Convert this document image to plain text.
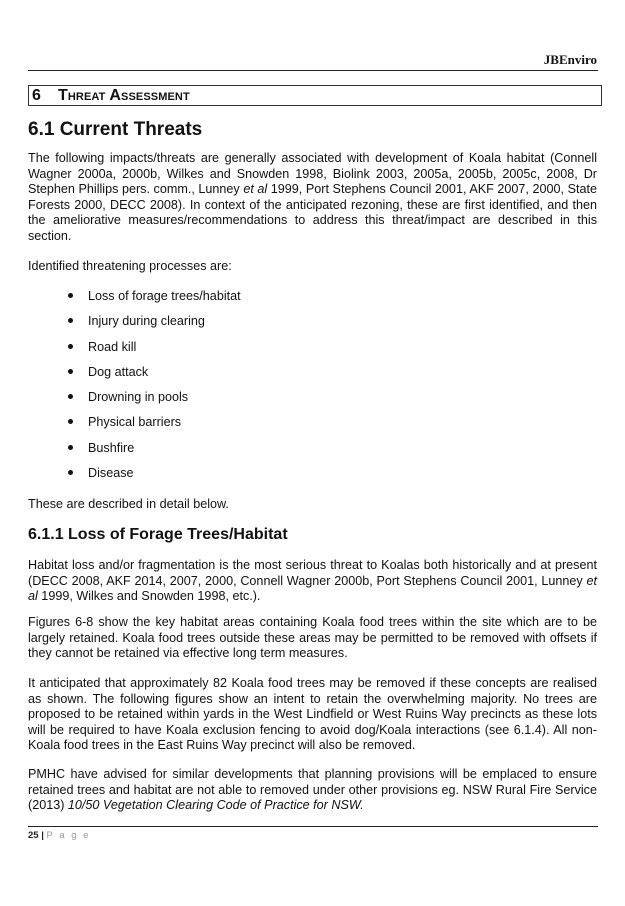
JBEnviro
6 Threat Assessment
6.1 Current Threats

The following impacts/threats are generally associated with development of Koala habitat (Connell Wagner 2000a, 2000b, Wilkes and Snowden 1998, Biolink 2003, 2005a, 2005b, 2005c, 2008, Dr Stephen Phillips pers. comm., Lunney et al 1999, Port Stephens Council 2001, AKF 2007, 2000, State Forests 2000, DECC 2008). In context of the anticipated rezoning, these are first identified, and then the ameliorative measures/recommendations to address this threat/impact are described in this section.

Identified threatening processes are:

Loss of forage trees/habitat
Injury during clearing
Road kill
Dog attack
Drowning in pools
Physical barriers
Bushfire
Disease

These are described in detail below.

6.1.1 Loss of Forage Trees/Habitat

Habitat loss and/or fragmentation is the most serious threat to Koalas both historically and at present (DECC 2008, AKF 2014, 2007, 2000, Connell Wagner 2000b, Port Stephens Council 2001, Lunney et al 1999, Wilkes and Snowden 1998, etc.).

Figures 6-8 show the key habitat areas containing Koala food trees within the site which are to be largely retained. Koala food trees outside these areas may be permitted to be removed with offsets if they cannot be retained via effective long term measures.

It anticipated that approximately 82 Koala food trees may be removed if these concepts are realised as shown. The following figures show an intent to retain the overwhelming majority. No trees are proposed to be retained within yards in the West Lindfield or West Ruins Way precincts as these lots will be required to have Koala exclusion fencing to avoid dog/Koala interactions (see 6.1.4). All non-Koala food trees in the East Ruins Way precinct will also be removed.

PMHC have advised for similar developments that planning provisions will be emplaced to ensure retained trees and habitat are not able to removed under other provisions eg. NSW Rural Fire Service (2013) 10/50 Vegetation Clearing Code of Practice for NSW.

25 | P a g e
